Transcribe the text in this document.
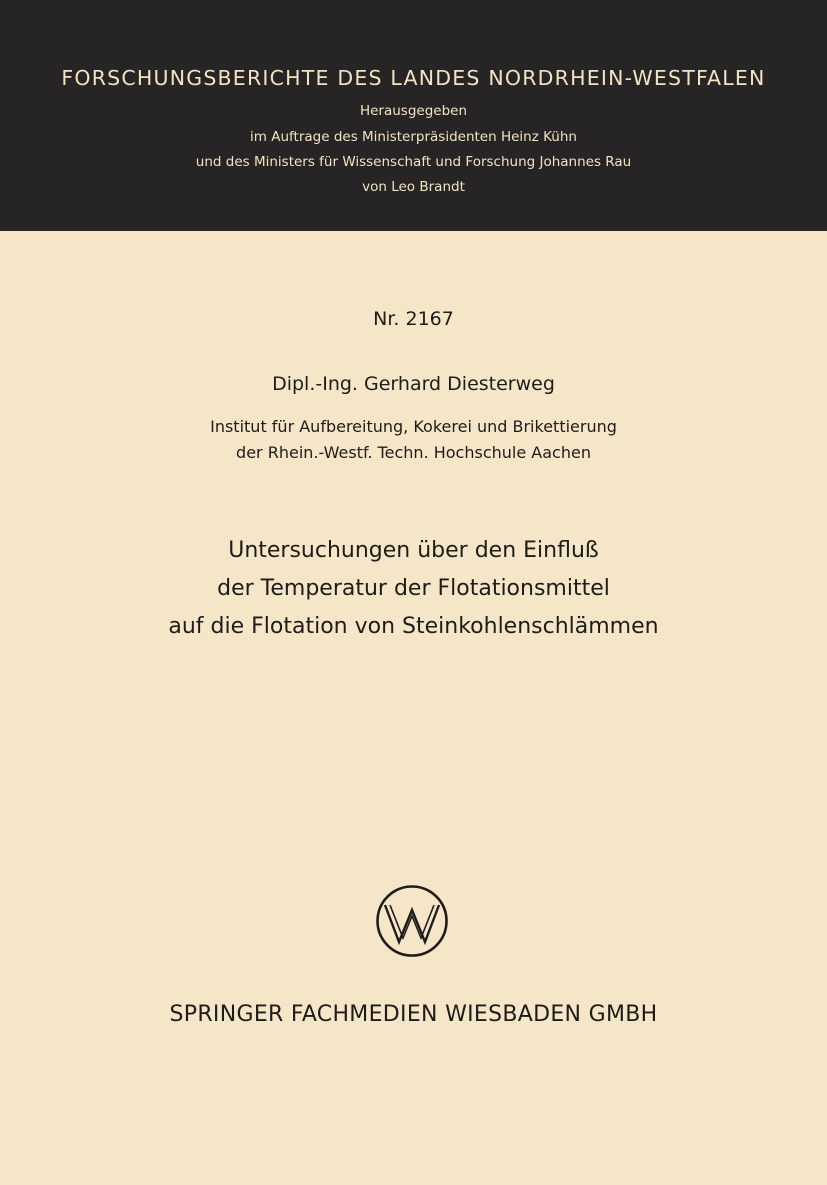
FORSCHUNGSBERICHTE DES LANDES NORDRHEIN-WESTFALEN
Herausgegeben
im Auftrage des Ministerpräsidenten Heinz Kühn
und des Ministers für Wissenschaft und Forschung Johannes Rau
von Leo Brandt
Nr. 2167
Dipl.-Ing. Gerhard Diesterweg
Institut für Aufbereitung, Kokerei und Brikettierung
der Rhein.-Westf. Techn. Hochschule Aachen
Untersuchungen über den Einfluß
der Temperatur der Flotationsmittel
auf die Flotation von Steinkohlenschlämmen
SPRINGER FACHMEDIEN WIESBADEN GMBH
